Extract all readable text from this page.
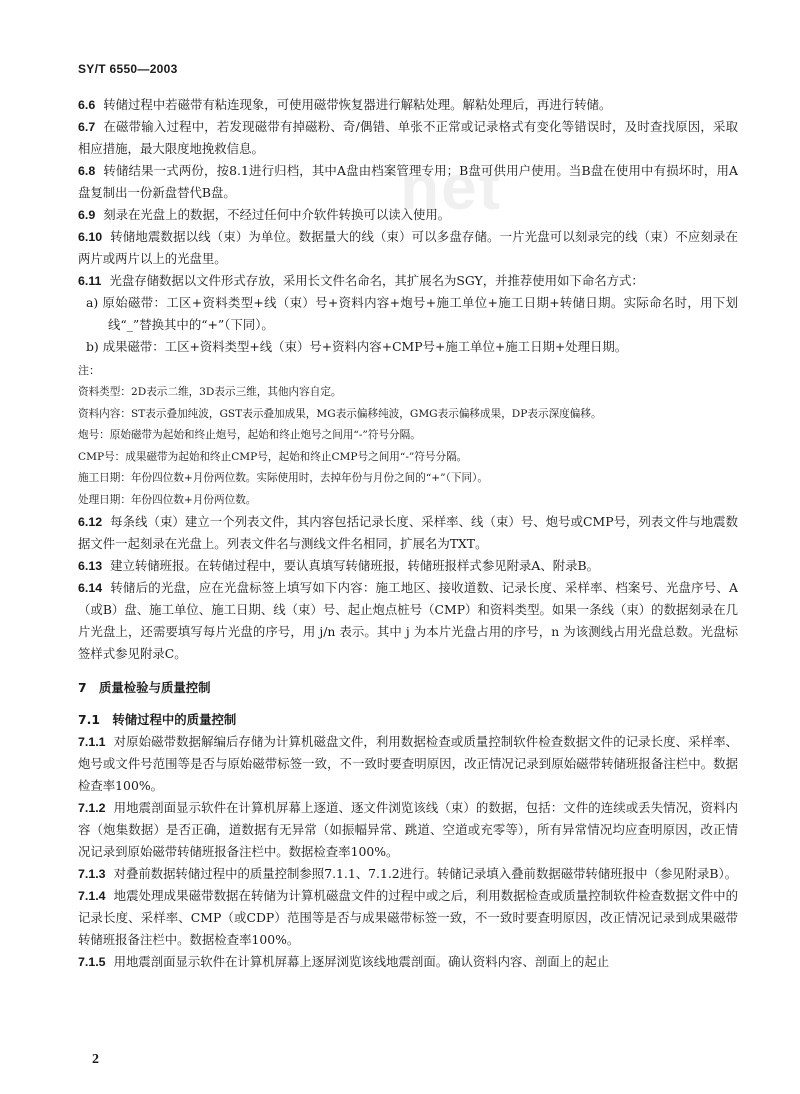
SY/T 6550—2003
net

6.6 转储过程中若磁带有粘连现象，可使用磁带恢复器进行解粘处理。解粘处理后，再进行转储。

6.7 在磁带输入过程中，若发现磁带有掉磁粉、奇/偶错、单张不正常或记录格式有变化等错误时，及时查找原因，采取相应措施，最大限度地挽救信息。

6.8 转储结果一式两份，按8.1进行归档，其中A盘由档案管理专用；B盘可供用户使用。当B盘在使用中有损坏时，用A盘复制出一份新盘替代B盘。

6.9 刻录在光盘上的数据，不经过任何中介软件转换可以读入使用。

6.10 转储地震数据以线（束）为单位。数据量大的线（束）可以多盘存储。一片光盘可以刻录完的线（束）不应刻录在两片或两片以上的光盘里。

6.11 光盘存储数据以文件形式存放，采用长文件名命名，其扩展名为SGY，并推荐使用如下命名方式：

a) 原始磁带：工区+资料类型+线（束）号+资料内容+炮号+施工单位+施工日期+转储日期。实际命名时，用下划线“_”替换其中的“+”（下同）。

b) 成果磁带：工区+资料类型+线（束）号+资料内容+CMP号+施工单位+施工日期+处理日期。

注：

资料类型：2D表示二维，3D表示三维，其他内容自定。

资料内容：ST表示叠加纯波，GST表示叠加成果，MG表示偏移纯波，GMG表示偏移成果，DP表示深度偏移。

炮号：原始磁带为起始和终止炮号，起始和终止炮号之间用“-”符号分隔。

CMP号：成果磁带为起始和终止CMP号，起始和终止CMP号之间用“-”符号分隔。

施工日期：年份四位数+月份两位数。实际使用时，去掉年份与月份之间的“+”（下同）。

处理日期：年份四位数+月份两位数。

6.12 每条线（束）建立一个列表文件，其内容包括记录长度、采样率、线（束）号、炮号或CMP号，列表文件与地震数据文件一起刻录在光盘上。列表文件名与测线文件名相同，扩展名为TXT。

6.13 建立转储班报。在转储过程中，要认真填写转储班报，转储班报样式参见附录A、附录B。

6.14 转储后的光盘，应在光盘标签上填写如下内容：施工地区、接收道数、记录长度、采样率、档案号、光盘序号、A（或B）盘、施工单位、施工日期、线（束）号、起止炮点桩号（CMP）和资料类型。如果一条线（束）的数据刻录在几片光盘上，还需要填写每片光盘的序号，用 j/n 表示。其中 j 为本片光盘占用的序号，n 为该测线占用光盘总数。光盘标签样式参见附录C。

7　质量检验与质量控制

7.1　转储过程中的质量控制

7.1.1 对原始磁带数据解编后存储为计算机磁盘文件，利用数据检查或质量控制软件检查数据文件的记录长度、采样率、炮号或文件号范围等是否与原始磁带标签一致，不一致时要查明原因，改正情况记录到原始磁带转储班报备注栏中。数据检查率100%。

7.1.2 用地震剖面显示软件在计算机屏幕上逐道、逐文件浏览该线（束）的数据，包括：文件的连续或丢失情况，资料内容（炮集数据）是否正确，道数据有无异常（如振幅异常、跳道、空道或充零等），所有异常情况均应查明原因，改正情况记录到原始磁带转储班报备注栏中。数据检查率100%。

7.1.3 对叠前数据转储过程中的质量控制参照7.1.1、7.1.2进行。转储记录填入叠前数据磁带转储班报中（参见附录B）。

7.1.4 地震处理成果磁带数据在转储为计算机磁盘文件的过程中或之后，利用数据检查或质量控制软件检查数据文件中的记录长度、采样率、CMP（或CDP）范围等是否与成果磁带标签一致，不一致时要查明原因，改正情况记录到成果磁带转储班报备注栏中。数据检查率100%。

7.1.5 用地震剖面显示软件在计算机屏幕上逐屏浏览该线地震剖面。确认资料内容、剖面上的起止

2
